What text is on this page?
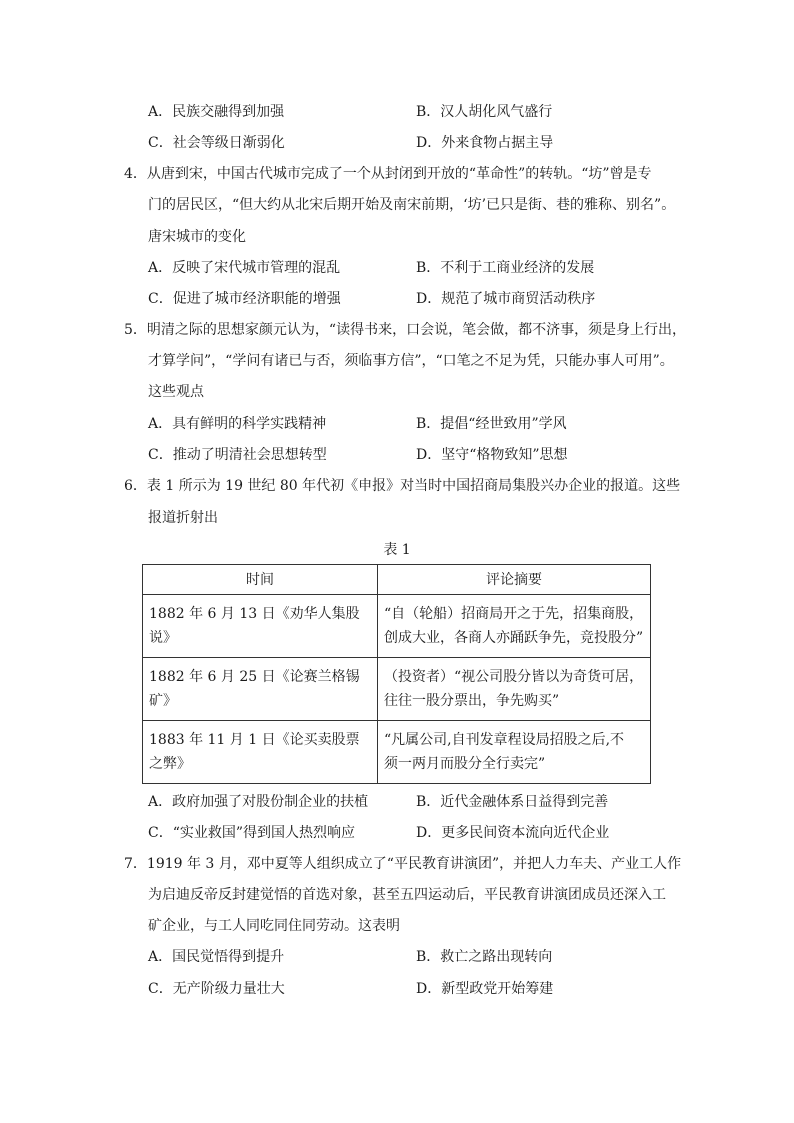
A．民族交融得到加强	B．汉人胡化风气盛行
C．社会等级日渐弱化	D．外来食物占据主导
4．从唐到宋，中国古代城市完成了一个从封闭到开放的“革命性”的转轨。“坊”曾是专
门的居民区，“但大约从北宋后期开始及南宋前期，‘坊’已只是街、巷的雅称、别名”。
唐宋城市的变化
A．反映了宋代城市管理的混乱	B．不利于工商业经济的发展
C．促进了城市经济职能的增强	D．规范了城市商贸活动秩序
5．明清之际的思想家颜元认为，“读得书来，口会说，笔会做，都不济事，须是身上行出，
才算学问”，“学问有诸已与否，须临事方信”，“口笔之不足为凭，只能办事人可用”。
这些观点
A．具有鲜明的科学实践精神	B．提倡“经世致用”学风
C．推动了明清社会思想转型	D．坚守“格物致知”思想
6．表 1 所示为 19 世纪 80 年代初《申报》对当时中国招商局集股兴办企业的报道。这些
报道折射出
表 1
时间	评论摘要
1882 年 6 月 13 日《劝华人集股说》	“自（轮船）招商局开之于先，招集商股，
创成大业，各商人亦踊跃争先，竞投股分”

1882 年 6 月 25 日《论赛兰格锡矿》	（投资者）“视公司股分皆以为奇货可居，
往往一股分票出，争先购买”

1883 年 11 月 1 日《论买卖股票之弊》	“凡属公司,自刊发章程设局招股之后,不
须一两月而股分全行卖完”
A．政府加强了对股份制企业的扶植	B．近代金融体系日益得到完善
C．“实业救国”得到国人热烈响应	D．更多民间资本流向近代企业
7．1919 年 3 月，邓中夏等人组织成立了“平民教育讲演团”，并把人力车夫、产业工人作
为启迪反帝反封建觉悟的首选对象，甚至五四运动后，平民教育讲演团成员还深入工
矿企业，与工人同吃同住同劳动。这表明
A．国民觉悟得到提升	B．救亡之路出现转向
C．无产阶级力量壮大	D．新型政党开始筹建
